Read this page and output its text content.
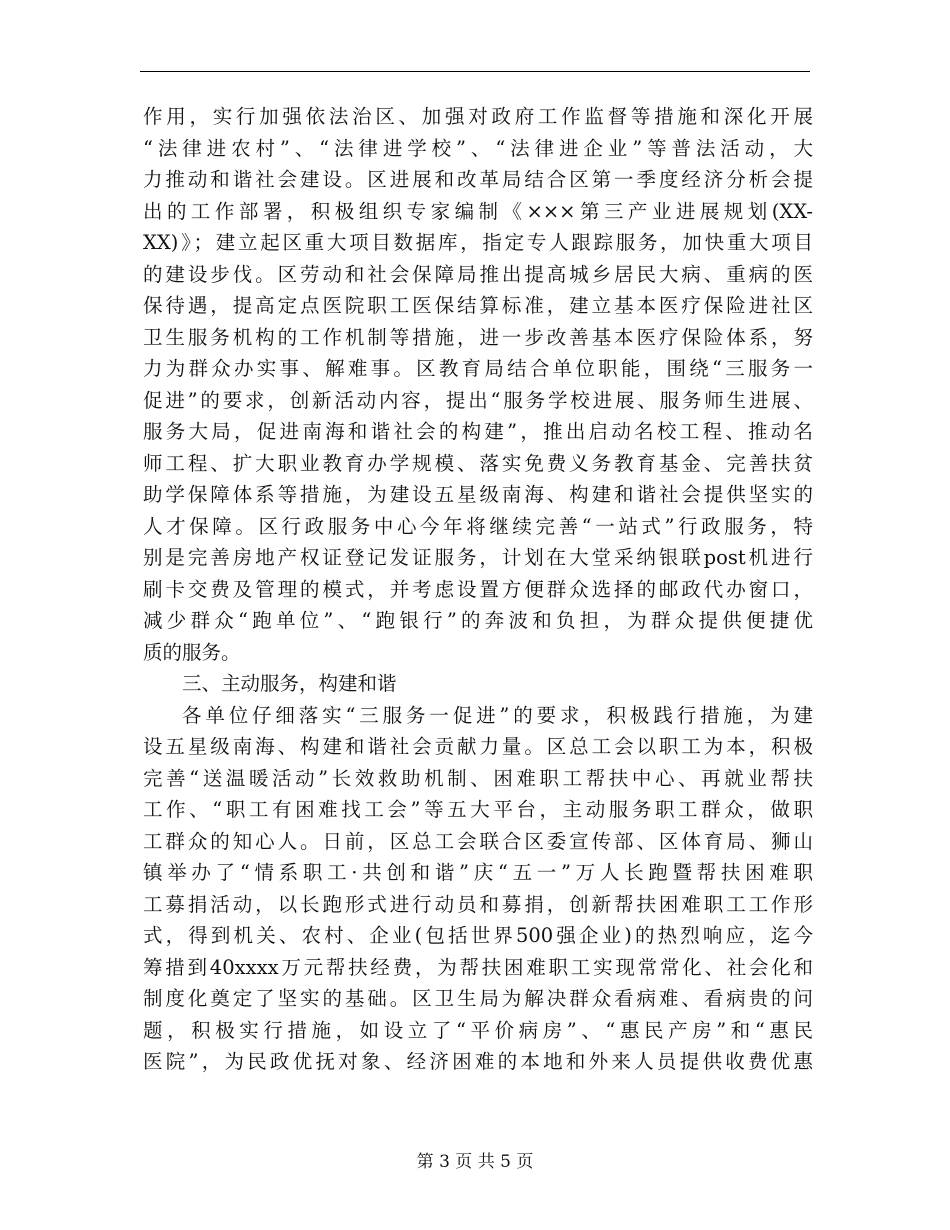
作用，实行加强依法治区、加强对政府工作监督等措施和深化开展
“法律进农村”、“法律进学校”、“法律进企业”等普法活动，大
力推动和谐社会建设。区进展和改革局结合区第一季度经济分析会提
出的工作部署，积极组织专家编制《×××第三产业进展规划(XX-
XX)》；建立起区重大项目数据库，指定专人跟踪服务，加快重大项目
的建设步伐。区劳动和社会保障局推出提高城乡居民大病、重病的医
保待遇，提高定点医院职工医保结算标准，建立基本医疗保险进社区
卫生服务机构的工作机制等措施，进一步改善基本医疗保险体系，努
力为群众办实事、解难事。区教育局结合单位职能，围绕“三服务一
促进”的要求，创新活动内容，提出“服务学校进展、服务师生进展、
服务大局，促进南海和谐社会的构建”，推出启动名校工程、推动名
师工程、扩大职业教育办学规模、落实免费义务教育基金、完善扶贫
助学保障体系等措施，为建设五星级南海、构建和谐社会提供坚实的
人才保障。区行政服务中心今年将继续完善“一站式”行政服务，特
别是完善房地产权证登记发证服务，计划在大堂采纳银联post机进行
刷卡交费及管理的模式，并考虑设置方便群众选择的邮政代办窗口，
减少群众“跑单位”、“跑银行”的奔波和负担，为群众提供便捷优
质的服务。
三、主动服务，构建和谐
各单位仔细落实“三服务一促进”的要求，积极践行措施，为建
设五星级南海、构建和谐社会贡献力量。区总工会以职工为本，积极
完善“送温暖活动”长效救助机制、困难职工帮扶中心、再就业帮扶
工作、“职工有困难找工会”等五大平台，主动服务职工群众，做职
工群众的知心人。日前，区总工会联合区委宣传部、区体育局、狮山
镇举办了“情系职工·共创和谐”庆“五一”万人长跑暨帮扶困难职
工募捐活动，以长跑形式进行动员和募捐，创新帮扶困难职工工作形
式，得到机关、农村、企业(包括世界500强企业)的热烈响应，迄今
筹措到40xxxx万元帮扶经费，为帮扶困难职工实现常常化、社会化和
制度化奠定了坚实的基础。区卫生局为解决群众看病难、看病贵的问
题，积极实行措施，如设立了“平价病房”、“惠民产房”和“惠民
医院”，为民政优抚对象、经济困难的本地和外来人员提供收费优惠
第 3 页 共 5 页
